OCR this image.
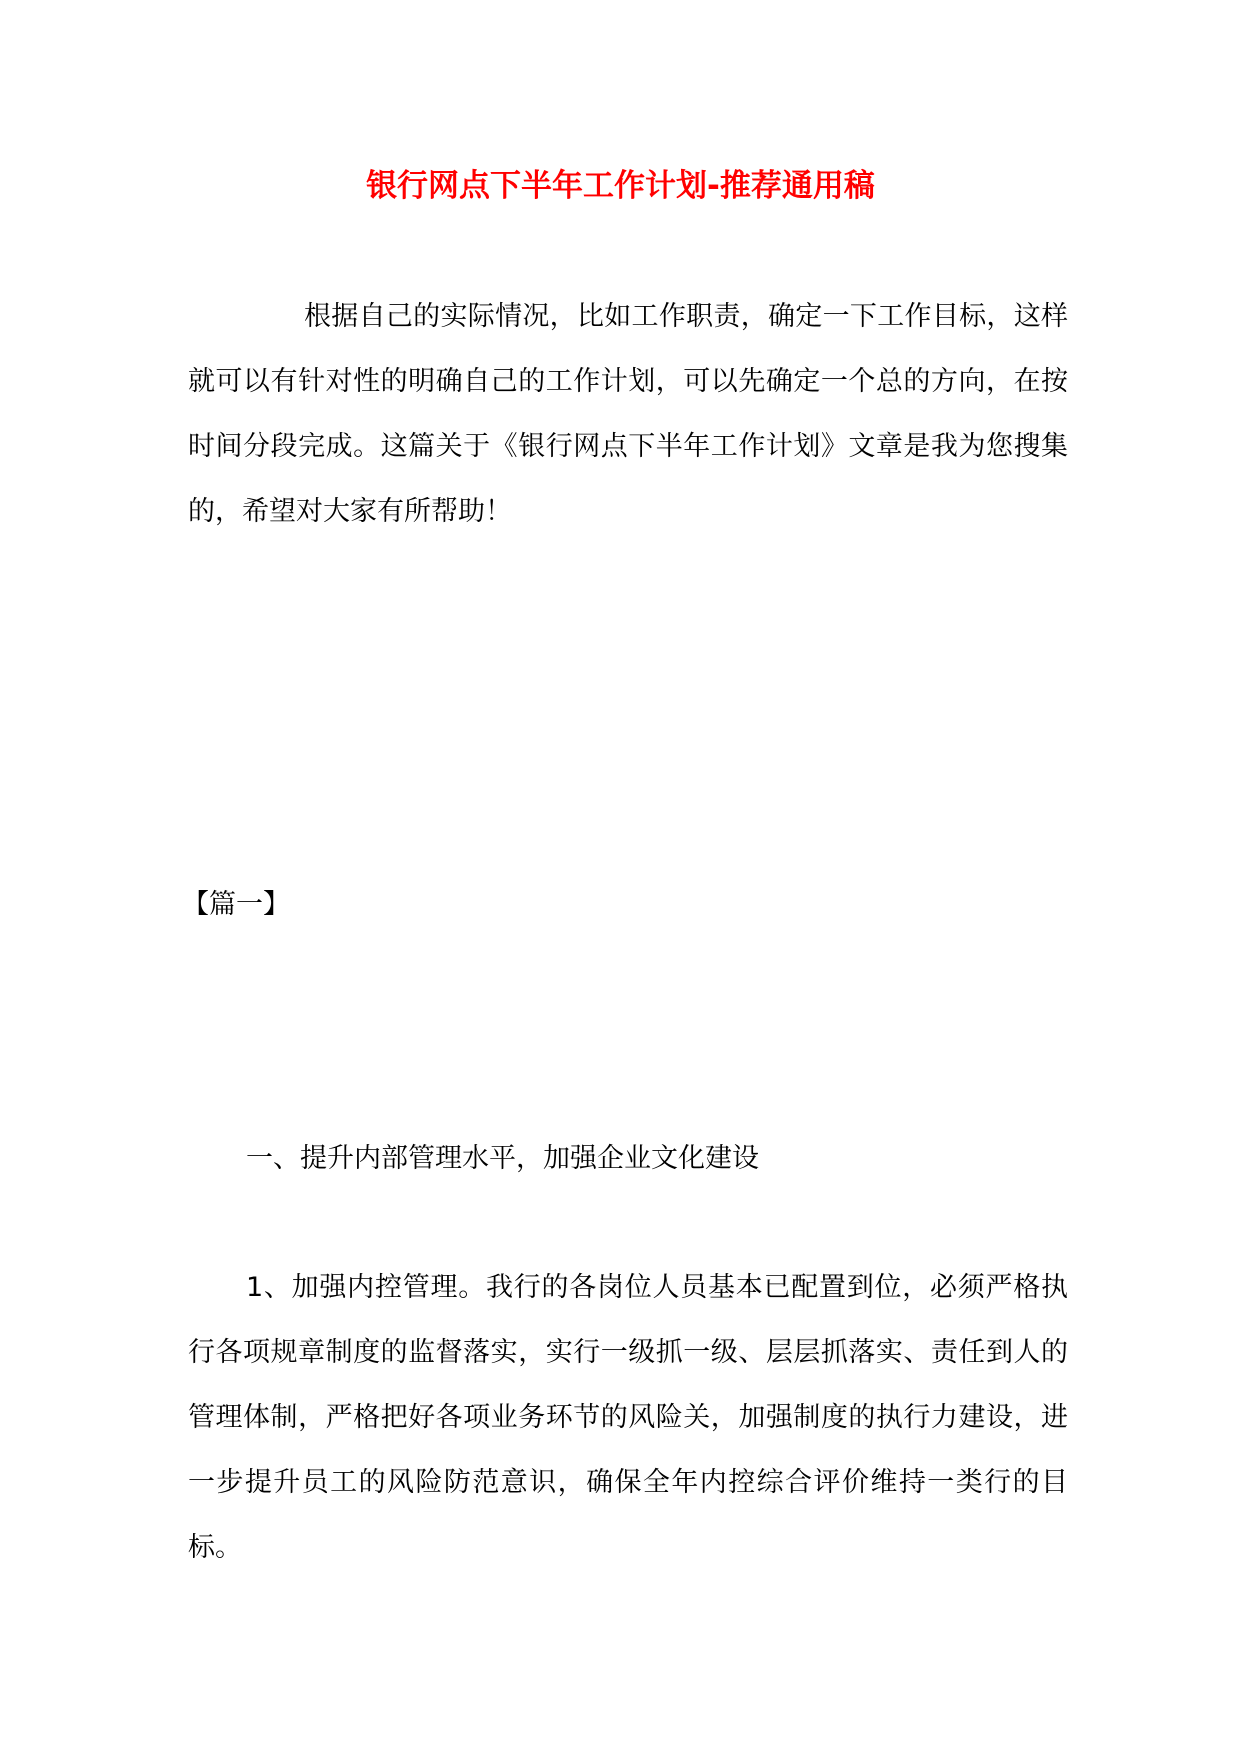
银行网点下半年工作计划-推荐通用稿

根据自己的实际情况，比如工作职责，确定一下工作目标，这样就可以有针对性的明确自己的工作计划，可以先确定一个总的方向，在按时间分段完成。这篇关于《银行网点下半年工作计划》文章是我为您搜集的，希望对大家有所帮助！

【篇一】
一、提升内部管理水平，加强企业文化建设

1、加强内控管理。我行的各岗位人员基本已配置到位，必须严格执行各项规章制度的监督落实，实行一级抓一级、层层抓落实、责任到人的管理体制，严格把好各项业务环节的风险关，加强制度的执行力建设，进一步提升员工的风险防范意识，确保全年内控综合评价维持一类行的目标。
